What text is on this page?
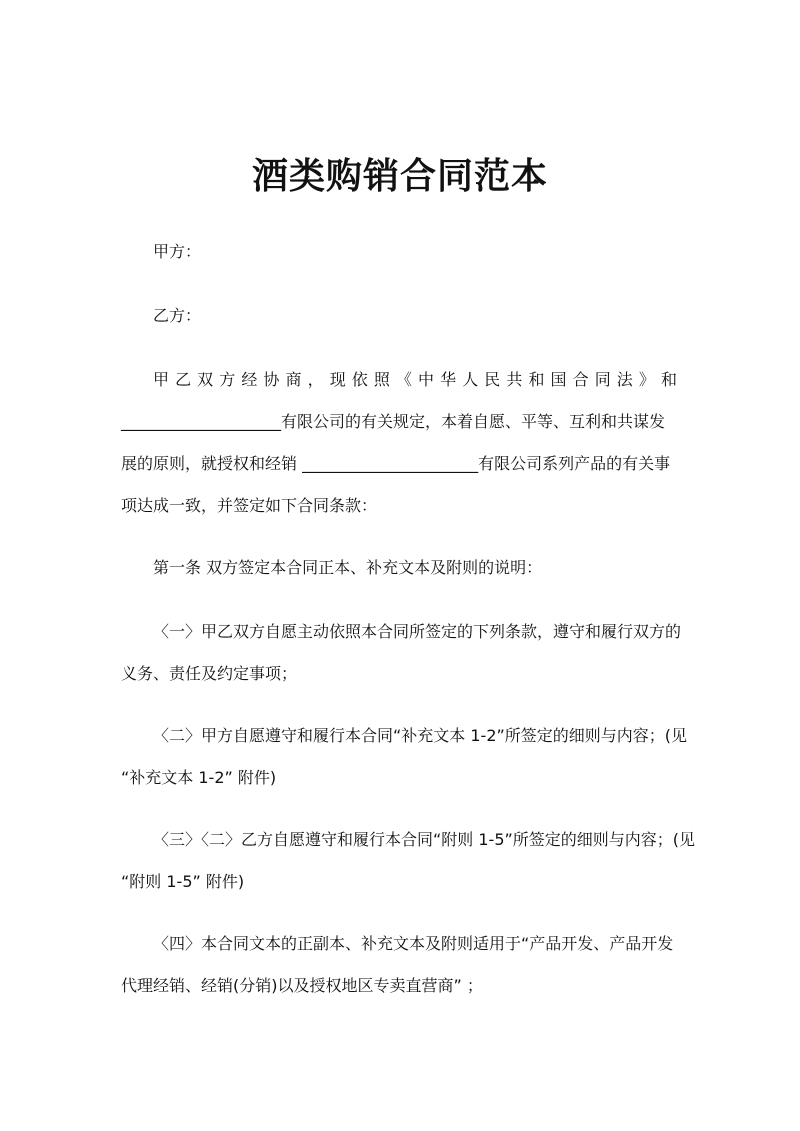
酒类购销合同范本

甲方：

乙方：

甲乙双方经协商，现依照《中华人民共和国合同法》和

____________________有限公司的有关规定，本着自愿、平等、互利和共谋发

展的原则，就授权和经销 ______________________有限公司系列产品的有关事

项达成一致，并签定如下合同条款：

第一条 双方签定本合同正本、补充文本及附则的说明：

〈一〉甲乙双方自愿主动依照本合同所签定的下列条款，遵守和履行双方的

义务、责任及约定事项；

〈二〉甲方自愿遵守和履行本合同“补充文本 1-2”所签定的细则与内容；(见

“补充文本 1-2” 附件)

〈三〉〈二〉乙方自愿遵守和履行本合同“附则 1-5”所签定的细则与内容；(见

“附则 1-5” 附件)

〈四〉本合同文本的正副本、补充文本及附则适用于“产品开发、产品开发

代理经销、经销(分销)以及授权地区专卖直营商” ；
